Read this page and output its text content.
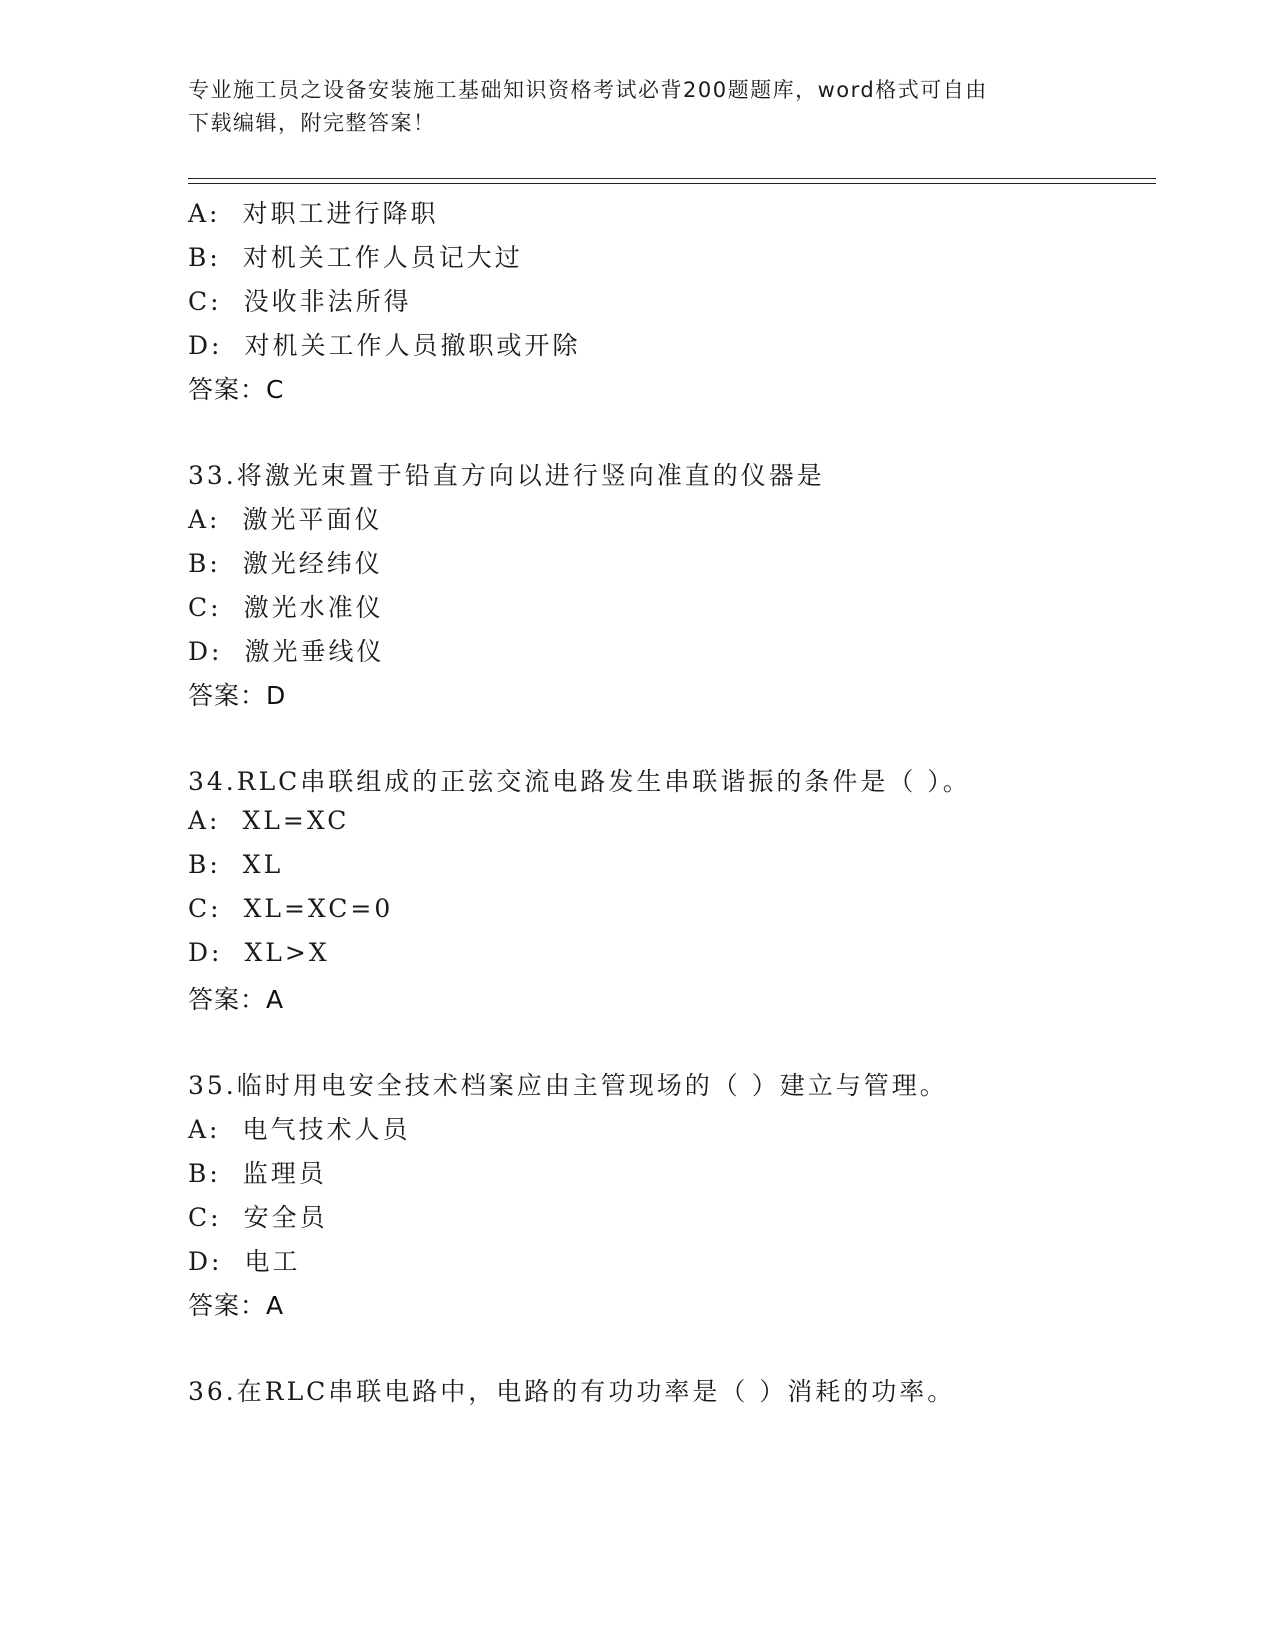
专业施工员之设备安装施工基础知识资格考试必背200题题库，word格式可自由
下载编辑，附完整答案！
A: 对职工进行降职
B: 对机关工作人员记大过
C: 没收非法所得
D: 对机关工作人员撤职或开除
答案：C
33.将激光束置于铅直方向以进行竖向准直的仪器是
A: 激光平面仪
B: 激光经纬仪
C: 激光水准仪
D: 激光垂线仪
答案：D
34.RLC串联组成的正弦交流电路发生串联谐振的条件是（ ）。
A: XL=XC
B: XL
C: XL=XC=0
D: XL>X
答案：A
35.临时用电安全技术档案应由主管现场的（ ）建立与管理。
A: 电气技术人员
B: 监理员
C: 安全员
D: 电工
答案：A
36.在RLC串联电路中，电路的有功功率是（ ）消耗的功率。
